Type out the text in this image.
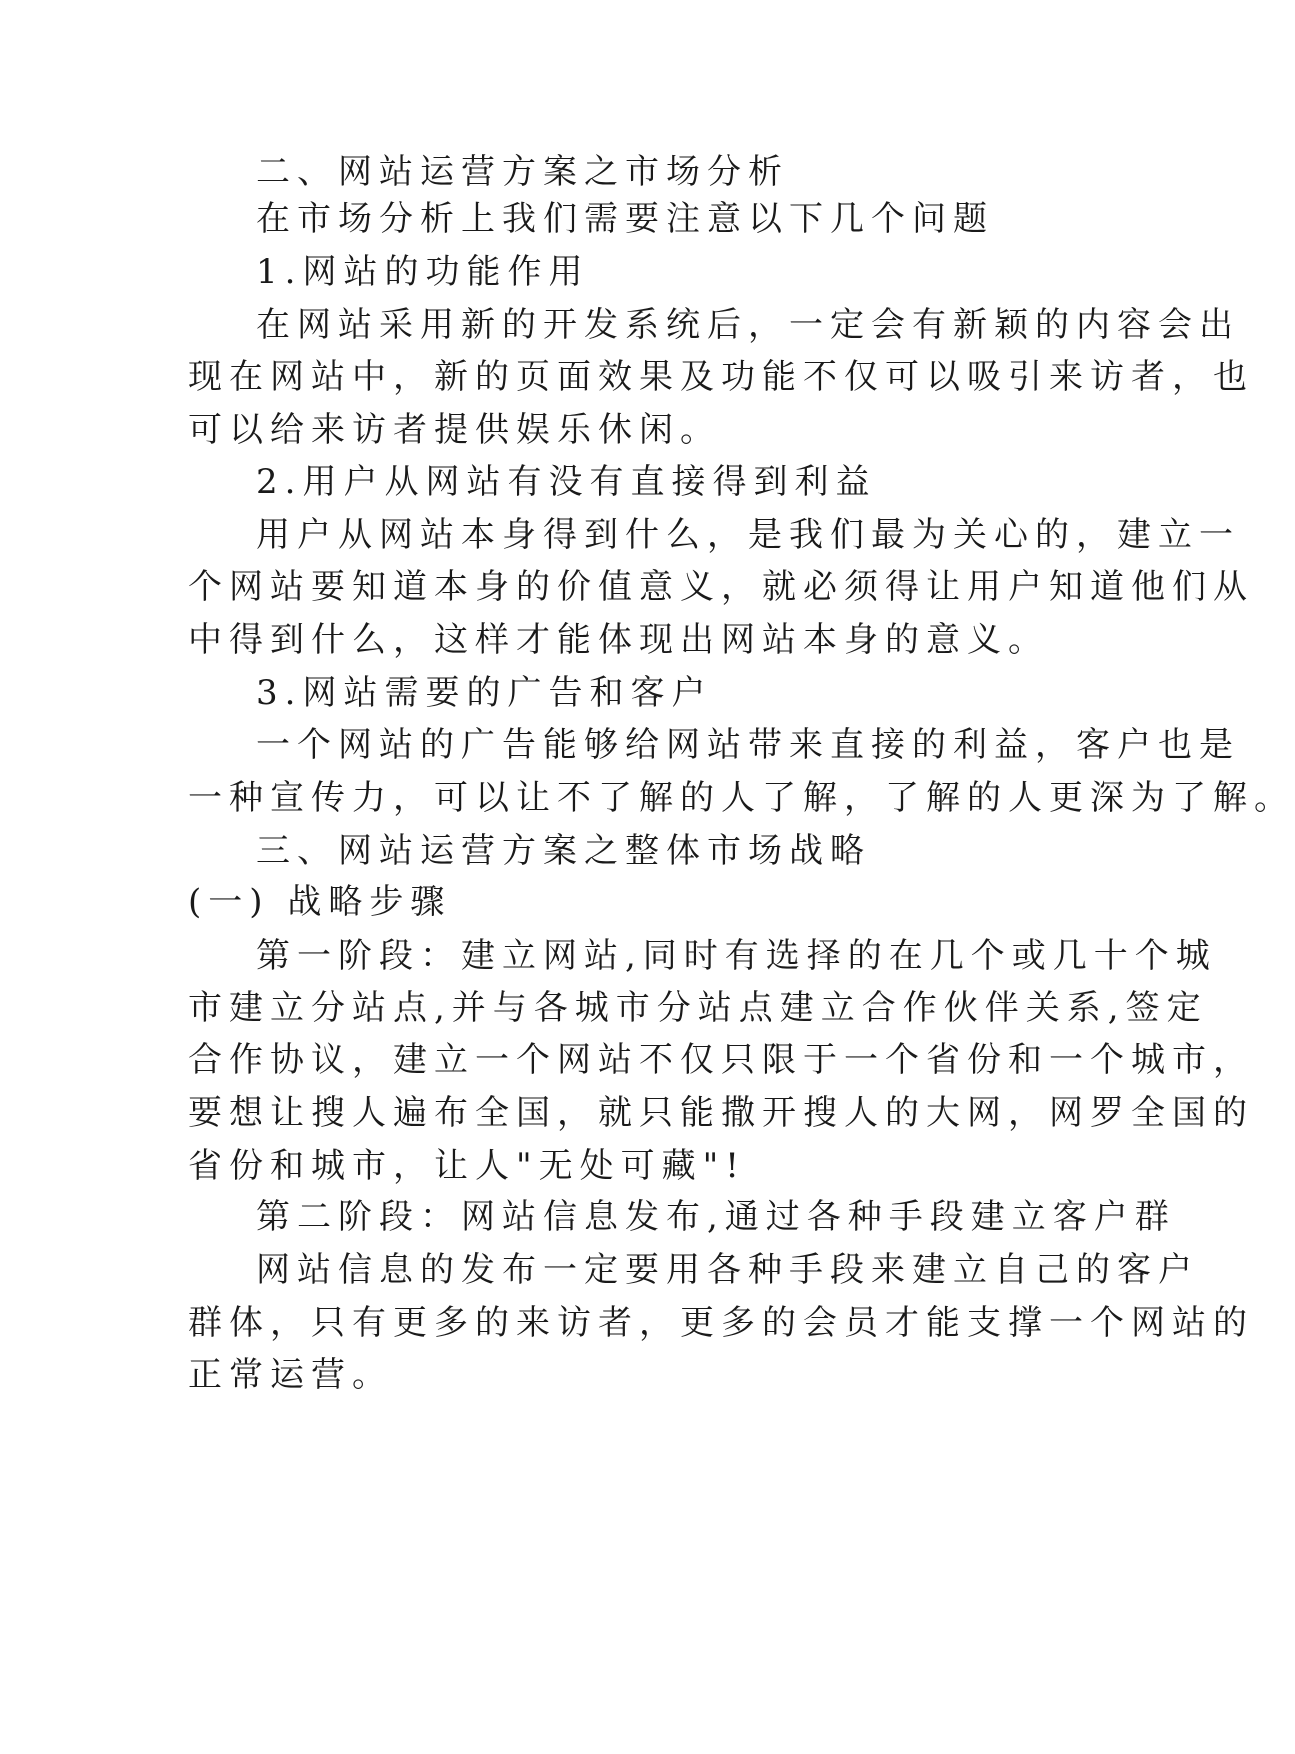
二、网站运营方案之市场分析
在市场分析上我们需要注意以下几个问题
1.网站的功能作用
在网站采用新的开发系统后，一定会有新颖的内容会出
现在网站中，新的页面效果及功能不仅可以吸引来访者，也
可以给来访者提供娱乐休闲。
2.用户从网站有没有直接得到利益
用户从网站本身得到什么，是我们最为关心的，建立一
个网站要知道本身的价值意义，就必须得让用户知道他们从
中得到什么，这样才能体现出网站本身的意义。
3.网站需要的广告和客户
一个网站的广告能够给网站带来直接的利益，客户也是
一种宣传力，可以让不了解的人了解，了解的人更深为了解。
三、网站运营方案之整体市场战略
(一) 战略步骤
第一阶段：建立网站,同时有选择的在几个或几十个城
市建立分站点,并与各城市分站点建立合作伙伴关系,签定
合作协议，建立一个网站不仅只限于一个省份和一个城市，
要想让搜人遍布全国，就只能撒开搜人的大网，网罗全国的
省份和城市，让人"无处可藏"!
第二阶段：网站信息发布,通过各种手段建立客户群
网站信息的发布一定要用各种手段来建立自己的客户
群体，只有更多的来访者，更多的会员才能支撑一个网站的
正常运营。
